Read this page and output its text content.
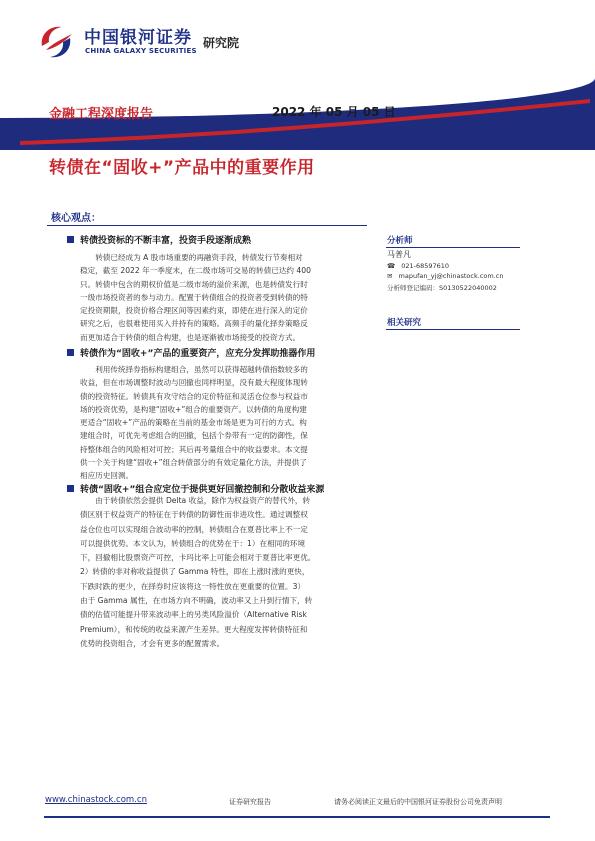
中国银河证券
CHINA GALAXY SECURITIES
研究院
金融工程深度报告	2022 年 05 月 05 日
转债在“固收+”产品中的重要作用
核心观点：
转债投资标的不断丰富，投资手段逐渐成熟
转债已经成为 A 股市场重要的再融资手段，转债发行节奏相对
稳定，截至 2022 年一季度末，在二级市场可交易的转债已达约 400
只。转债中包含的期权价值是二级市场的溢价来源，也是转债发行时
一级市场投资者的参与动力。配置于转债组合的投资者受到转债的特
定投资期限，投资价格合理区间等因素约束，即使在进行深入的定价
研究之后，也很难使用买入并持有的策略。高频手的量化择券策略反
而更加适合于转债的组合构建，也是逐渐被市场接受的投资方式。
转债作为“固收+”产品的重要资产，应充分发挥助推器作用
利用传统择券指标构建组合，虽然可以获得超越转债指数较多的
收益，但在市场调整时波动与回撤也同样明显，没有最大程度体现转
债的投资特征。转债具有攻守结合的定价特征和灵活仓位参与权益市
场的投资优势，是构建“固收+”组合的重要资产。以转债的角度构建
更适合“固收+”产品的策略在当前的基金市场是更为可行的方式。构
建组合时，可优先考虑组合的回撤，包括个券带有一定的防御性，保
持整体组合的风险相对可控；其后再考量组合中的收益要求。本文提
供一个关于构建“固收+”组合转债部分的有效定量化方法，并提供了
相应历史回测。
转债“固收+”组合应定位于提供更好回撤控制和分散收益来源
由于转债依然会提供 Delta 收益，除作为权益资产的替代外，转
债区别于权益资产的特征在于转债的防御性而非进攻性。通过调整权
益仓位也可以实现组合波动率的控制，转债组合在夏普比率上不一定
可以提供优势。本文认为，转债组合的优势在于：1）在相同的环境
下，回撤相比股票资产可控，卡玛比率上可能会相对于夏普比率更优。
2）转债的非对称收益提供了 Gamma 特性，即在上涨时涨的更快，
下跌时跌的更少，在择券时应该将这一特性放在更重要的位置。3）
由于 Gamma 属性，在市场方向不明确，波动率又上升到行情下，转
债的估值可能提升带来波动率上的另类风险溢价（Alternative Risk
Premium），和传统的收益来源产生差异。更大程度发挥转债特征和
优势的投资组合，才会有更多的配置需求。
分析师
马普凡
☎ 021-68597610
✉ mapufan_yj@chinastock.com.cn
分析师登记编码：S0130522040002
相关研究
www.chinastock.com.cn	证券研究报告	请务必阅读正文最后的中国银河证券股份公司免责声明
